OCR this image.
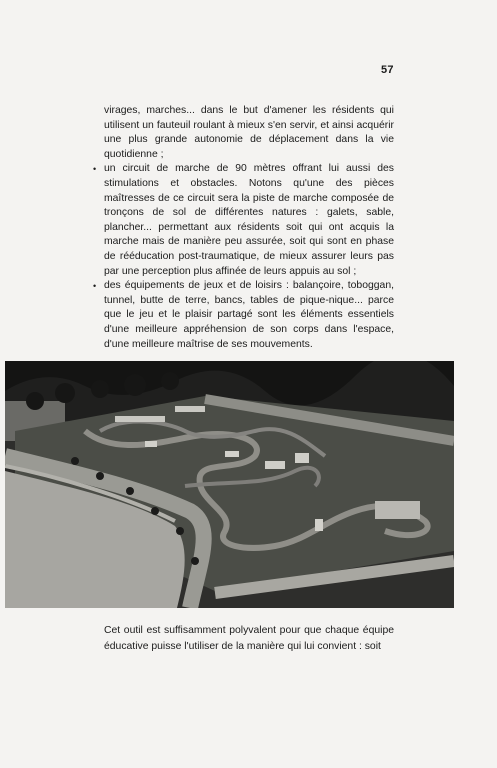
57

virages, marches... dans le but d'amener les résidents qui utilisent un fauteuil roulant à mieux s'en servir, et ainsi acquérir une plus grande autonomie de déplacement dans la vie quotidienne ;

• un circuit de marche de 90 mètres offrant lui aussi des stimulations et obstacles. Notons qu'une des pièces maîtresses de ce circuit sera la piste de marche composée de tronçons de sol de différentes natures : galets, sable, plancher... permettant aux résidents soit qui ont acquis la marche mais de manière peu assurée, soit qui sont en phase de rééducation post-traumatique, de mieux assurer leurs pas par une perception plus affinée de leurs appuis au sol ;

• des équipements de jeux et de loisirs : balançoire, toboggan, tunnel, butte de terre, bancs, tables de pique-nique... parce que le jeu et le plaisir partagé sont les éléments essentiels d'une meilleure appréhension de son corps dans l'espace, d'une meilleure maîtrise de ses mouvements.

Cet outil est suffisamment polyvalent pour que chaque équipe éducative puisse l'utiliser de la manière qui lui convient : soit
